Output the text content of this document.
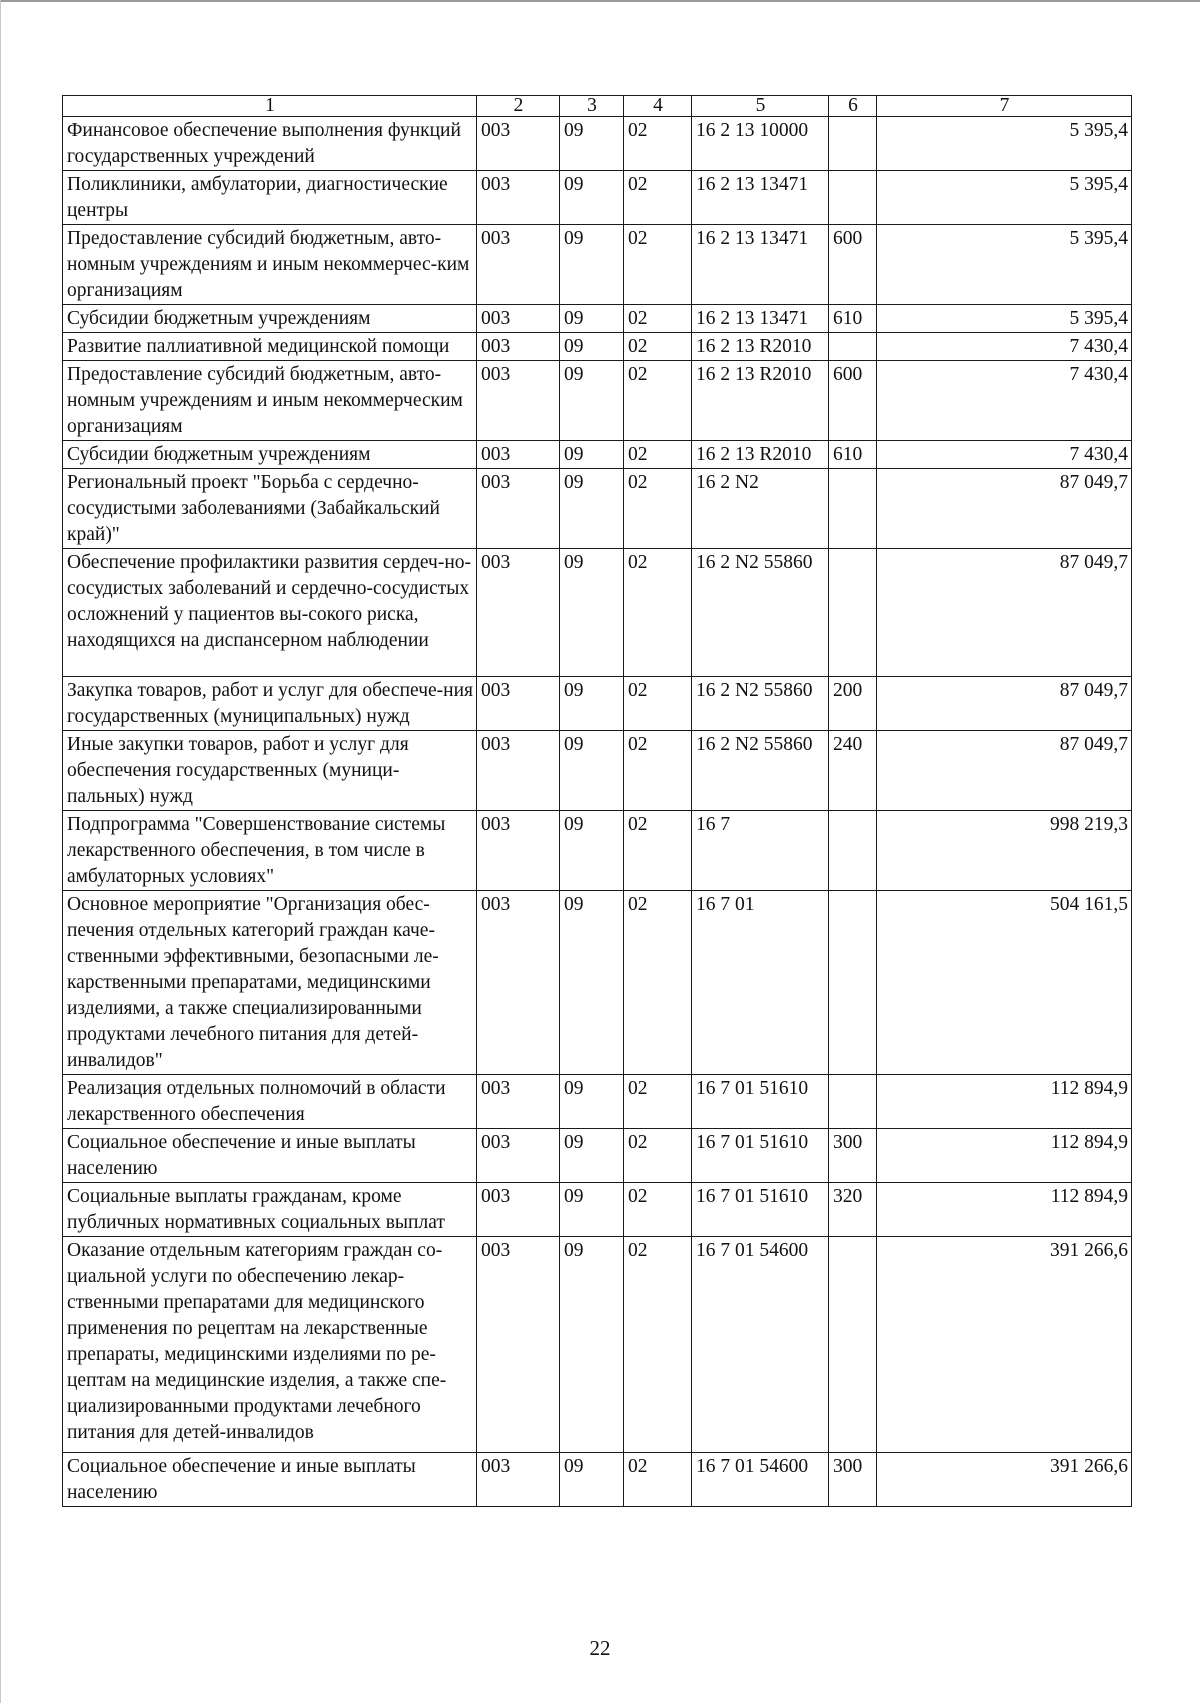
1	2	3	4	5	6	7
Финансовое обеспечение выполнения функций государственных учреждений	003	09	02	16 2 13 10000		5 395,4
Поликлиники, амбулатории, диагностические центры	003	09	02	16 2 13 13471		5 395,4
Предоставление субсидий бюджетным, авто-номным учреждениям и иным некоммерчес-ким организациям	003	09	02	16 2 13 13471	600	5 395,4
Субсидии бюджетным учреждениям	003	09	02	16 2 13 13471	610	5 395,4
Развитие паллиативной медицинской помощи	003	09	02	16 2 13 R2010		7 430,4
Предоставление субсидий бюджетным, авто-номным учреждениям и иным некоммерческим организациям	003	09	02	16 2 13 R2010	600	7 430,4
Субсидии бюджетным учреждениям	003	09	02	16 2 13 R2010	610	7 430,4
Региональный проект "Борьба с сердечно-сосудистыми заболеваниями (Забайкальский край)"	003	09	02	16 2 N2		87 049,7
Обеспечение профилактики развития сердеч-но-сосудистых заболеваний и сердечно-сосудистых осложнений у пациентов вы-сокого риска, находящихся на диспансерном наблюдении	003	09	02	16 2 N2 55860		87 049,7
Закупка товаров, работ и услуг для обеспече-ния государственных (муниципальных) нужд	003	09	02	16 2 N2 55860	200	87 049,7
Иные закупки товаров, работ и услуг для обеспечения государственных (муници-пальных) нужд	003	09	02	16 2 N2 55860	240	87 049,7
Подпрограмма "Совершенствование системы лекарственного обеспечения, в том числе в амбулаторных условиях"	003	09	02	16 7		998 219,3
Основное мероприятие "Организация обес-печения отдельных категорий граждан каче-ственными эффективными, безопасными ле-карственными препаратами, медицинскими изделиями, а также специализированными продуктами лечебного питания для детей-инвалидов"	003	09	02	16 7 01		504 161,5
Реализация отдельных полномочий в области лекарственного обеспечения	003	09	02	16 7 01 51610		112 894,9
Социальное обеспечение и иные выплаты населению	003	09	02	16 7 01 51610	300	112 894,9
Социальные выплаты гражданам, кроме публичных нормативных социальных выплат	003	09	02	16 7 01 51610	320	112 894,9
Оказание отдельным категориям граждан со-циальной услуги по обеспечению лекар-ственными препаратами для медицинского применения по рецептам на лекарственные препараты, медицинскими изделиями по ре-цептам на медицинские изделия, а также спе-циализированными продуктами лечебного питания для детей-инвалидов	003	09	02	16 7 01 54600		391 266,6
Социальное обеспечение и иные выплаты населению	003	09	02	16 7 01 54600	300	391 266,6
22
